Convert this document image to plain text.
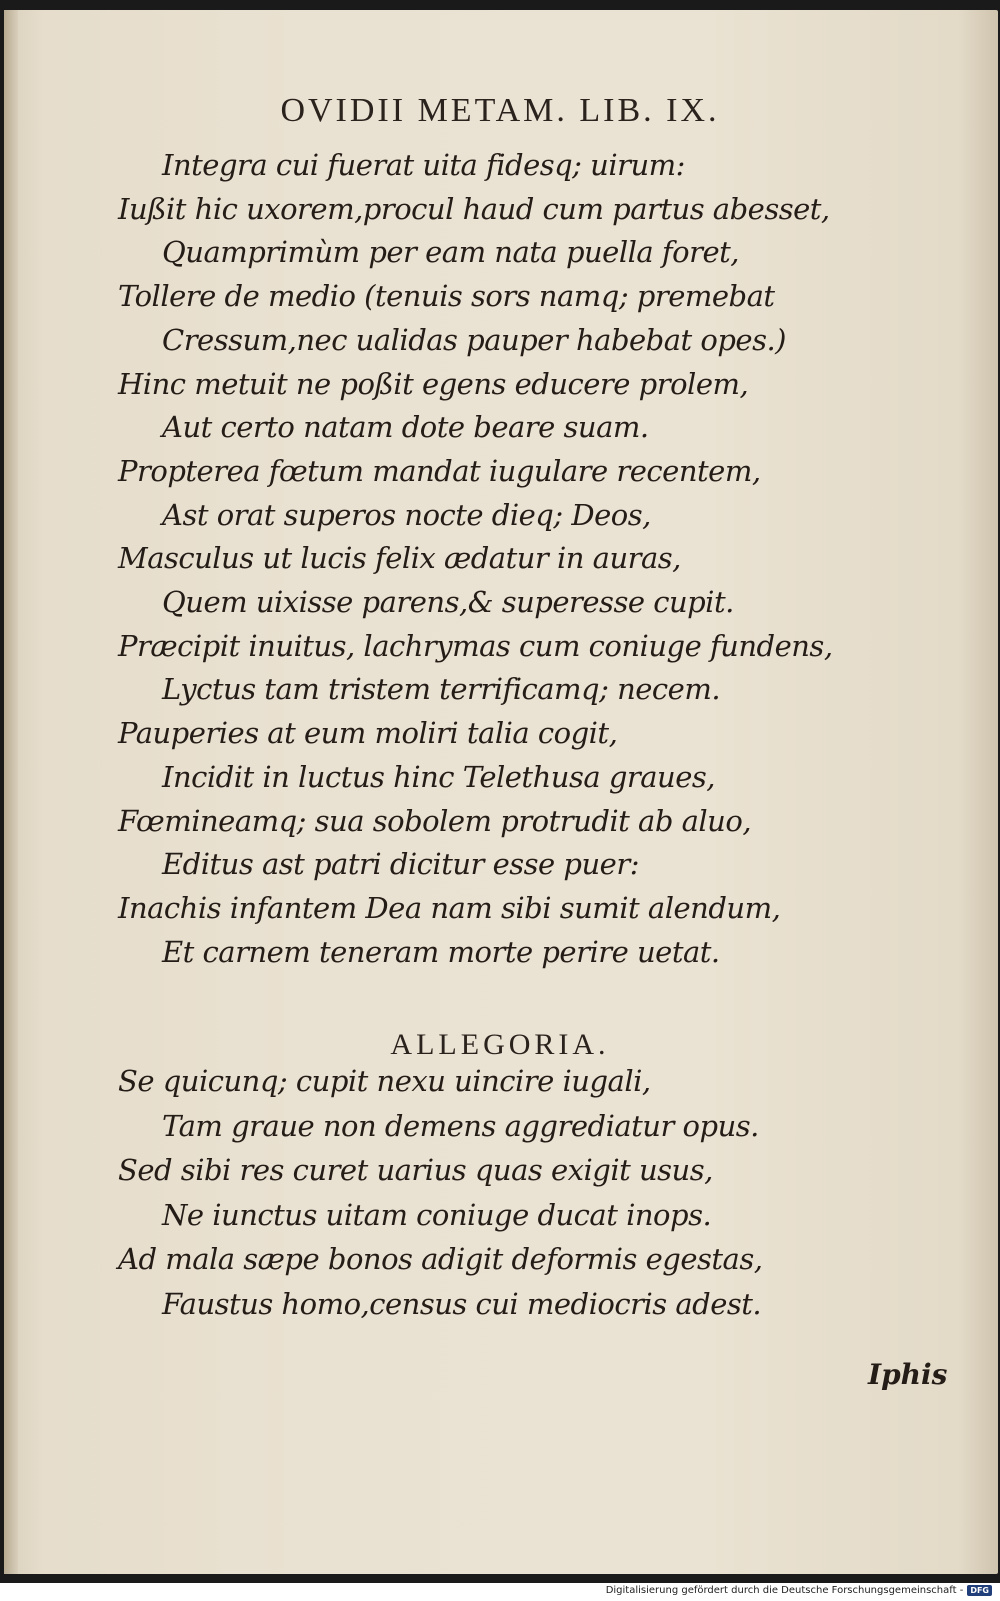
OVIDII METAM. LIB. IX.
Integra cui fuerat uita fidesq; uirum:
Iußit hic uxorem,procul haud cum partus abesset,
Quamprimùm per eam nata puella foret,
Tollere de medio (tenuis sors namq; premebat
Cressum,nec ualidas pauper habebat opes.)
Hinc metuit ne poßit egens educere prolem,
Aut certo natam dote beare suam.
Propterea fœtum mandat iugulare recentem,
Ast orat superos nocte dieq; Deos,
Masculus ut lucis felix ædatur in auras,
Quem uixisse parens,& superesse cupit.
Præcipit inuitus, lachrymas cum coniuge fundens,
Lyctus tam tristem terrificamq; necem.
Pauperies at eum moliri talia cogit,
Incidit in luctus hinc Telethusa graues,
Fœmineamq; sua sobolem protrudit ab aluo,
Editus ast patri dicitur esse puer:
Inachis infantem Dea nam sibi sumit alendum,
Et carnem teneram morte perire uetat.
ALLEGORIA.
Se quicunq; cupit nexu uincire iugali,
Tam graue non demens aggrediatur opus.
Sed sibi res curet uarius quas exigit usus,
Ne iunctus uitam coniuge ducat inops.
Ad mala sæpe bonos adigit deformis egestas,
Faustus homo,census cui mediocris adest.
Iphis
Digitalisierung gefördert durch die Deutsche Forschungsgemeinschaft - DFG
